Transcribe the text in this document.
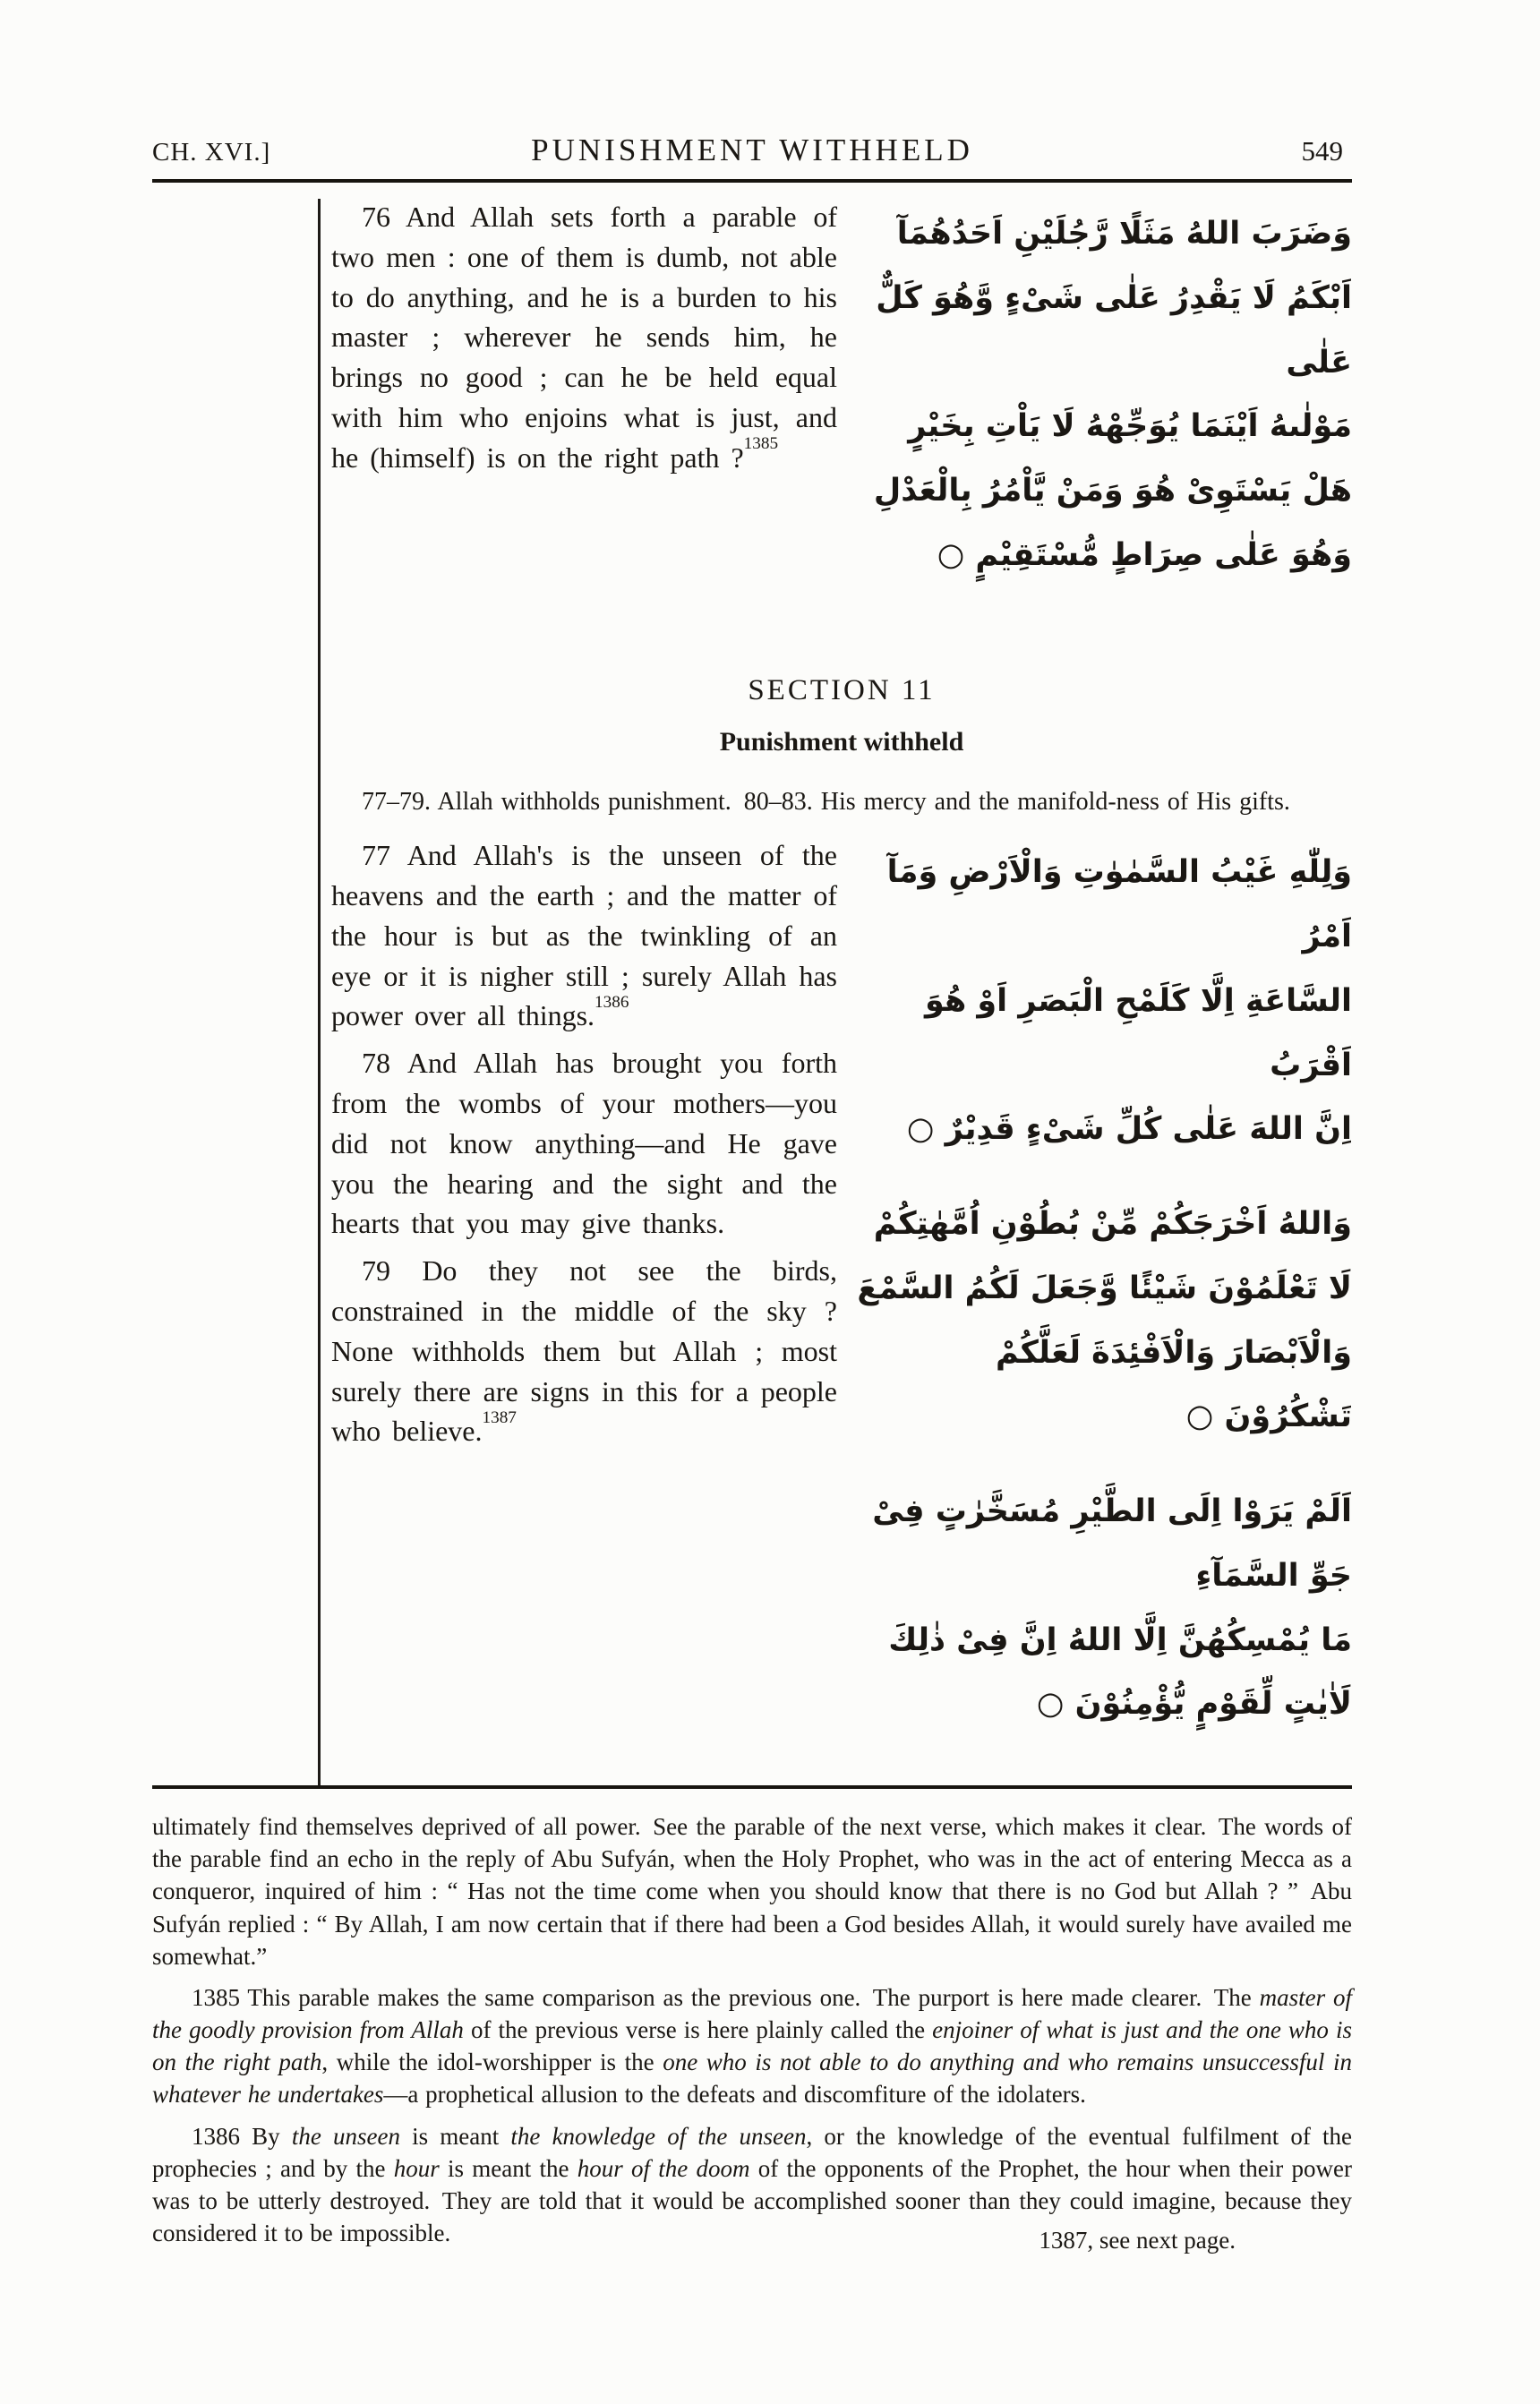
CH. XVI.]	PUNISHMENT WITHHELD	549

76 And Allah sets forth a parable of two men : one of them is dumb, not able to do anything, and he is a burden to his master ; wherever he sends him, he brings no good ; can he be held equal with him who enjoins what is just, and he (himself) is on the right path ?$^{1385}$

وَضَرَبَ اللهُ مَثَلًا رَّجُلَيْنِ اَحَدُهُمَآ
اَبْكَمُ لَا يَقْدِرُ عَلٰى شَىْءٍ وَّهُوَ كَلٌّ عَلٰى
مَوْلٰىهُ اَيْنَمَا يُوَجِّهْهُ لَا يَاْتِ بِخَيْرٍ
هَلْ يَسْتَوِىْ هُوَ وَمَنْ يَّاْمُرُ بِالْعَدْلِ
وَهُوَ عَلٰى صِرَاطٍ مُّسْتَقِيْمٍ ○
SECTION 11
Punishment withheld

77–79. Allah withholds punishment. 80–83. His mercy and the manifold-ness of His gifts.

77 And Allah's is the unseen of the heavens and the earth ; and the matter of the hour is but as the twinkling of an eye or it is nigher still ; surely Allah has power over all things.$^{1386}$

78 And Allah has brought you forth from the wombs of your mothers—you did not know anything—and He gave you the hearing and the sight and the hearts that you may give thanks.

79 Do they not see the birds, constrained in the middle of the sky ? None withholds them but Allah ; most surely there are signs in this for a people who believe.$^{1387}$

وَلِلّٰهِ غَيْبُ السَّمٰوٰتِ وَالْاَرْضِ وَمَآ اَمْرُ
السَّاعَةِ اِلَّا كَلَمْحِ الْبَصَرِ اَوْ هُوَ اَقْرَبُ
اِنَّ اللهَ عَلٰى كُلِّ شَىْءٍ قَدِيْرٌ ○
وَاللهُ اَخْرَجَكُمْ مِّنْ بُطُوْنِ اُمَّهٰتِكُمْ
لَا تَعْلَمُوْنَ شَيْئًا وَّجَعَلَ لَكُمُ السَّمْعَ
وَالْاَبْصَارَ وَالْاَفْئِدَةَ لَعَلَّكُمْ
تَشْكُرُوْنَ ○
اَلَمْ يَرَوْا اِلَى الطَّيْرِ مُسَخَّرٰتٍ فِىْ جَوِّ السَّمَآءِ
مَا يُمْسِكُهُنَّ اِلَّا اللهُ اِنَّ فِىْ ذٰلِكَ
لَاٰيٰتٍ لِّقَوْمٍ يُّؤْمِنُوْنَ ○

ultimately find themselves deprived of all power. See the parable of the next verse, which makes it clear. The words of the parable find an echo in the reply of Abu Sufyán, when the Holy Prophet, who was in the act of entering Mecca as a conqueror, inquired of him : “ Has not the time come when you should know that there is no God but Allah ? ” Abu Sufyán replied : “ By Allah, I am now certain that if there had been a God besides Allah, it would surely have availed me somewhat.”

1385 This parable makes the same comparison as the previous one. The purport is here made clearer. The master of the goodly provision from Allah of the previous verse is here plainly called the enjoiner of what is just and the one who is on the right path, while the idol-worshipper is the one who is not able to do anything and who remains unsuccessful in whatever he undertakes—a prophetical allusion to the defeats and discomfiture of the idolaters.

1386 By the unseen is meant the knowledge of the unseen, or the knowledge of the eventual fulfilment of the prophecies ; and by the hour is meant the hour of the doom of the opponents of the Prophet, the hour when their power was to be utterly destroyed. They are told that it would be accomplished sooner than they could imagine, because they considered it to be impossible.	1387, see next page.
